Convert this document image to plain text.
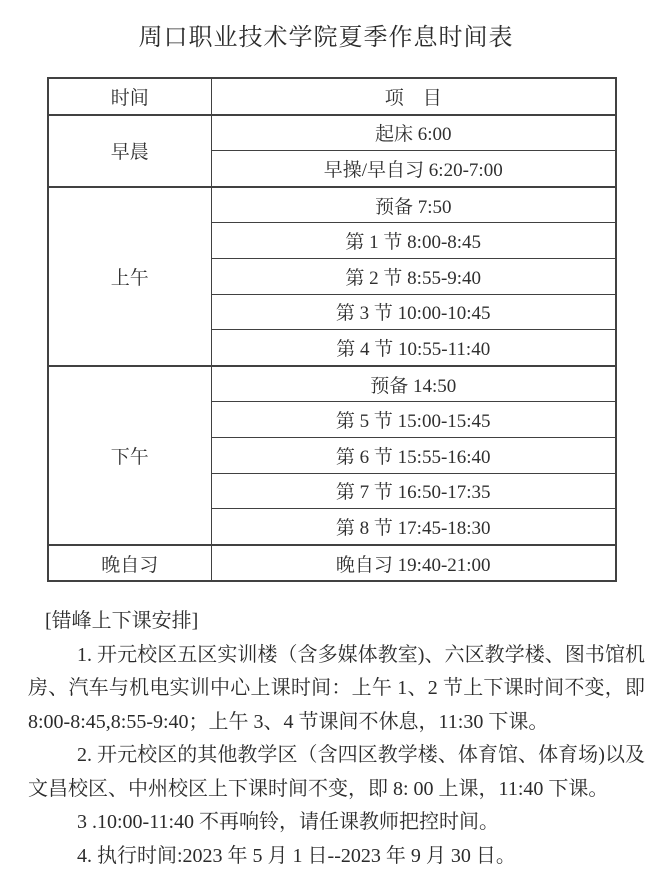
周口职业技术学院夏季作息时间表
时间	项　目
早晨	起床 6:00
	早操/早自习 6:20-7:00
上午	预备 7:50
	第 1 节 8:00-8:45
	第 2 节 8:55-9:40
	第 3 节 10:00-10:45
	第 4 节 10:55-11:40
下午	预备 14:50
	第 5 节 15:00-15:45
	第 6 节 15:55-16:40
	第 7 节 16:50-17:35
	第 8 节 17:45-18:30
晚自习	晚自习 19:40-21:00

[错峰上下课安排]

1. 开元校区五区实训楼（含多媒体教室)、六区教学楼、图书馆机房、汽车与机电实训中心上课时间：上午 1、2 节上下课时间不变，即 8:00-8:45,8:55-9:40；上午 3、4 节课间不休息，11:30 下课。

2. 开元校区的其他教学区（含四区教学楼、体育馆、体育场)以及文昌校区、中州校区上下课时间不变，即 8: 00 上课，11:40 下课。

3 .10:00-11:40 不再响铃，请任课教师把控时间。

4. 执行时间:2023 年 5 月 1 日--2023 年 9 月 30 日。
